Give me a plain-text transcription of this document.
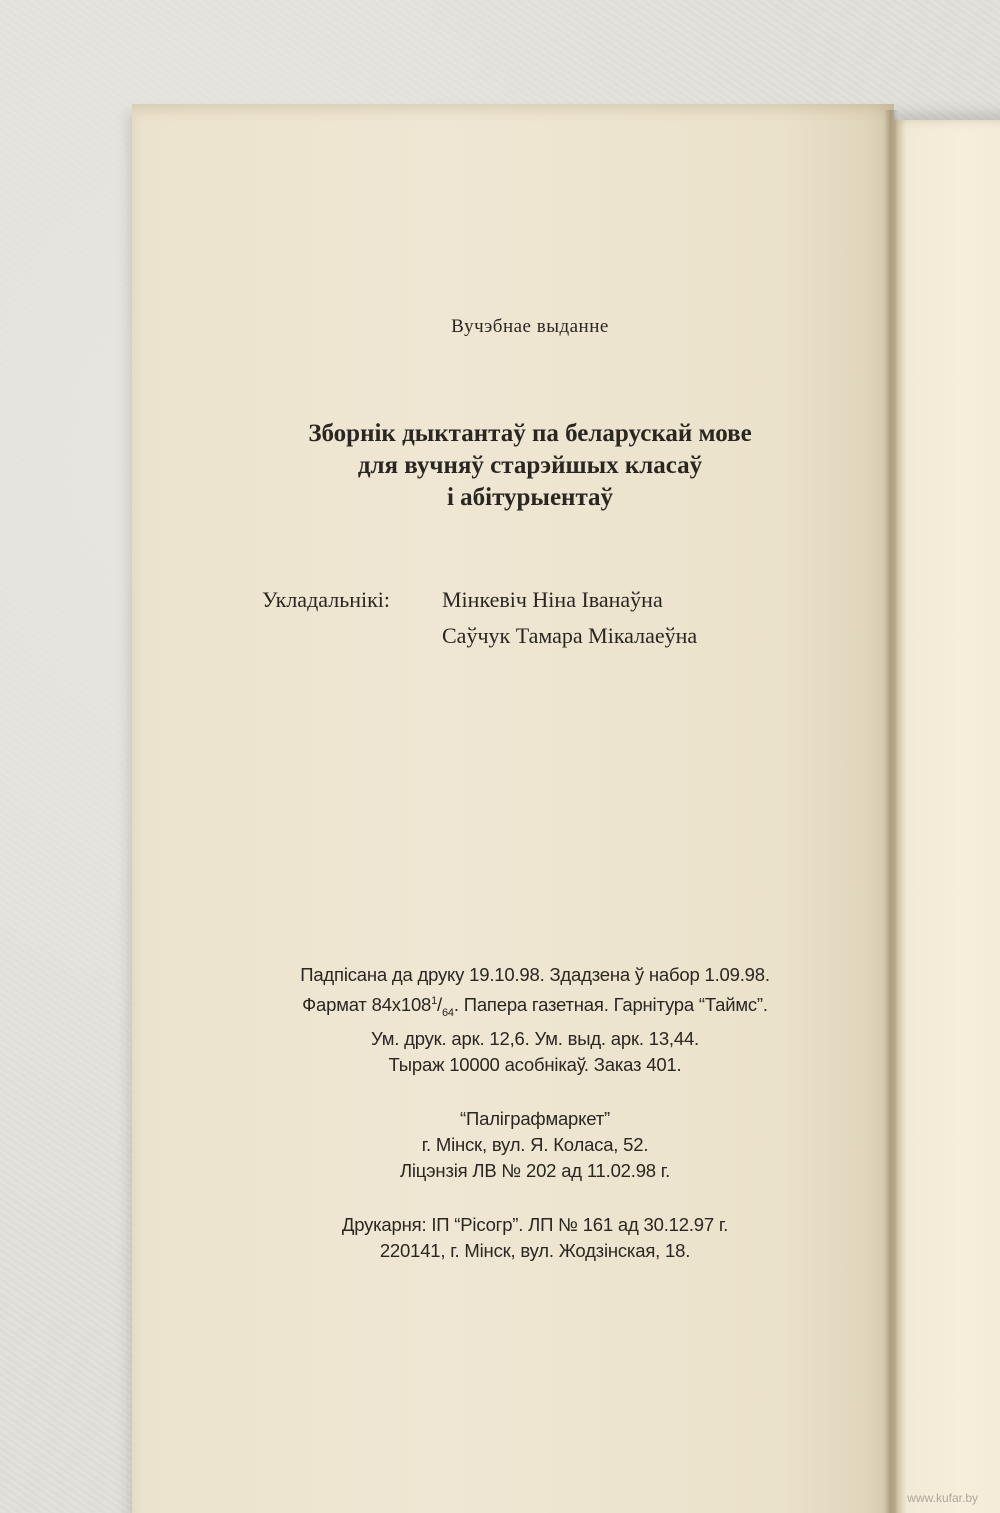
Вучэбнае выданне
Зборнік дыктантаў па беларускай мове
для вучняў старэйшых класаў
і абітурыентаў
Укладальнікі:	Мінкевіч Ніна Іванаўна
Саўчук Тамара Мікалаеўна
Падпісана да друку 19.10.98. Здадзена ў набор 1.09.98.
Фармат $84х108^1/_{64}$. Папера газетная. Гарнітура “Таймс”.
Ум. друк. арк. 12,6. Ум. выд. арк. 13,44.
Тыраж 10000 асобнікаў. Заказ 401.
“Паліграфмаркет”
г. Мінск, вул. Я. Коласа, 52.
Ліцэнзія ЛВ № 202 ад 11.02.98 г.
Друкарня: ІП “Рісогр”. ЛП № 161 ад 30.12.97 г.
220141, г. Мінск, вул. Жодзінская, 18.
www.kufar.by
